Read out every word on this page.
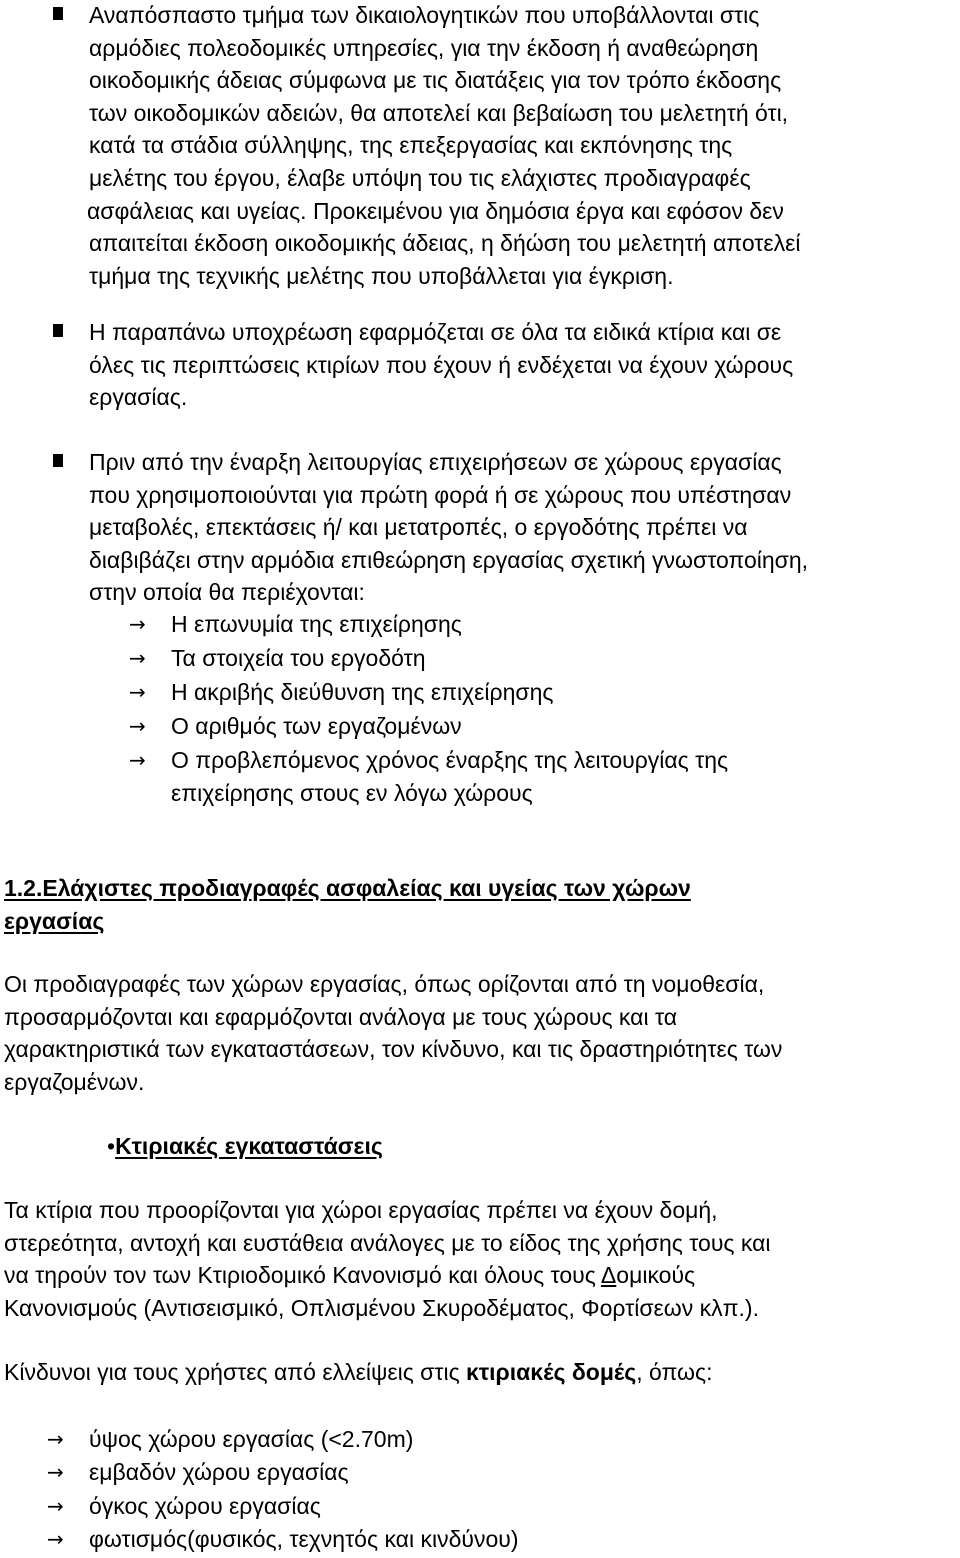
Αναπόσπαστο τμήμα των δικαιολογητικών που υποβάλλονται στις

αρμόδιες πολεοδομικές υπηρεσίες, για την έκδοση ή αναθεώρηση

οικοδομικής άδειας σύμφωνα με τις διατάξεις για τον τρόπο έκδοσης

των οικοδομικών αδειών, θα αποτελεί και βεβαίωση του μελετητή ότι,

κατά τα στάδια σύλληψης, της επεξεργασίας και εκπόνησης της

μελέτης του έργου, έλαβε υπόψη του τις ελάχιστες προδιαγραφές

ασφάλειας και υγείας. Προκειμένου για δημόσια έργα και εφόσον δεν

απαιτείται έκδοση οικοδομικής άδειας, η δήώση του μελετητή αποτελεί

τμήμα της τεχνικής μελέτης που υποβάλλεται για έγκριση.

Η παραπάνω υποχρέωση εφαρμόζεται σε όλα τα ειδικά κτίρια και σε

όλες τις περιπτώσεις κτιρίων που έχουν ή ενδέχεται να έχουν χώρους

εργασίας.

Πριν από την έναρξη λειτουργίας επιχειρήσεων σε χώρους εργασίας

που χρησιμοποιούνται για πρώτη φορά ή σε χώρους που υπέστησαν

μεταβολές, επεκτάσεις ή/ και μετατροπές, ο εργοδότης πρέπει να

διαβιβάζει στην αρμόδια επιθεώρηση εργασίας σχετική γνωστοποίηση,

στην οποία θα περιέχονται:

→	Η επωνυμία της επιχείρησης

→	Τα στοιχεία του εργοδότη

→	Η ακριβής διεύθυνση της επιχείρησης

→	Ο αριθμός των εργαζομένων

→	Ο προβλεπόμενος χρόνος έναρξης της λειτουργίας της

επιχείρησης στους εν λόγω χώρους

1.2.Ελάχιστες προδιαγραφές ασφαλείας και υγείας των χώρων

εργασίας

Οι προδιαγραφές των χώρων εργασίας, όπως ορίζονται από τη νομοθεσία,

προσαρμόζονται και εφαρμόζονται ανάλογα με τους χώρους και τα

χαρακτηριστικά των εγκαταστάσεων, τον κίνδυνο, και τις δραστηριότητες των

εργαζομένων.

•Κτιριακές εγκαταστάσεις

Τα κτίρια που προορίζονται για χώροι εργασίας πρέπει να έχουν δομή,

στερεότητα, αντοχή και ευστάθεια ανάλογες με το είδος της χρήσης τους και

να τηρούν τον των Κτιριοδομικό Κανονισμό και όλους τους Δομικούς

Κανονισμούς (Αντισεισμικό, Οπλισμένου Σκυροδέματος, Φορτίσεων κλπ.).

Κίνδυνοι για τους χρήστες από ελλείψεις στις κτιριακές δομές, όπως:

→	ύψος χώρου εργασίας (<2.70m)

→	εμβαδόν χώρου εργασίας

→	όγκος χώρου εργασίας

→	φωτισμός(φυσικός, τεχνητός και κινδύνου)
